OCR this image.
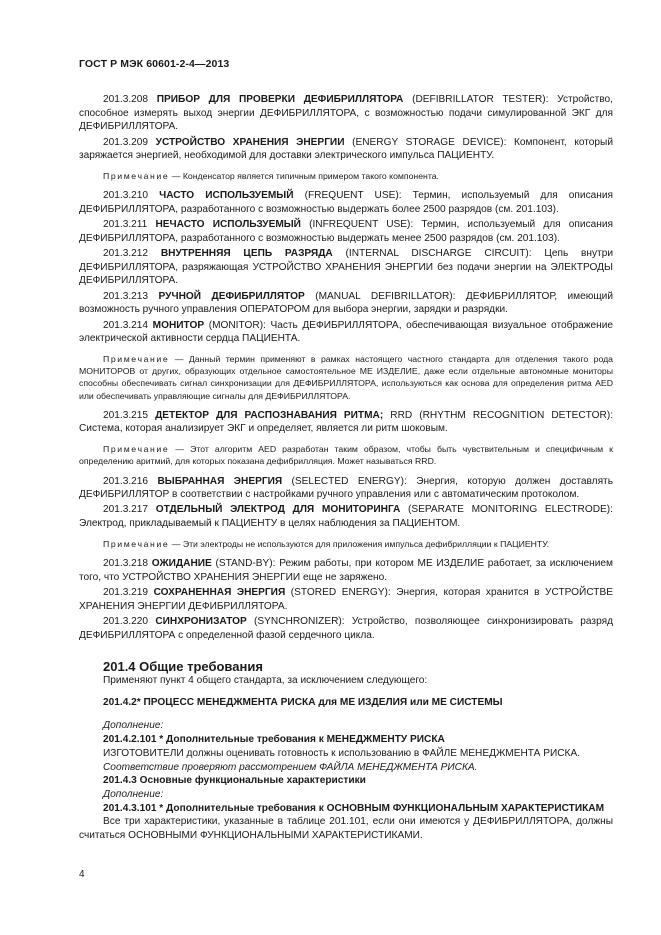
ГОСТ Р МЭК 60601-2-4—2013

201.3.208 ПРИБОР ДЛЯ ПРОВЕРКИ ДЕФИБРИЛЛЯТОРА (DEFIBRILLATOR TESTER): Устройство, способное измерять выход энергии ДЕФИБРИЛЛЯТОРА, с возможностью подачи симулированной ЭКГ для ДЕФИБРИЛЛЯТОРА.

201.3.209 УСТРОЙСТВО ХРАНЕНИЯ ЭНЕРГИИ (ENERGY STORAGE DEVICE): Компонент, который заряжается энергией, необходимой для доставки электрического импульса ПАЦИЕНТУ.

Примечание — Конденсатор является типичным примером такого компонента.

201.3.210 ЧАСТО ИСПОЛЬЗУЕМЫЙ (FREQUENT USE): Термин, используемый для описания ДЕФИБРИЛЛЯТОРА, разработанного с возможностью выдержать более 2500 разрядов (см. 201.103).

201.3.211 НЕЧАСТО ИСПОЛЬЗУЕМЫЙ (INFREQUENT USE): Термин, используемый для описания ДЕФИБРИЛЛЯТОРА, разработанного с возможностью выдержать менее 2500 разрядов (см. 201.103).

201.3.212 ВНУТРЕННЯЯ ЦЕПЬ РАЗРЯДА (INTERNAL DISCHARGE CIRCUIT): Цепь внутри ДЕФИБРИЛЛЯТОРА, разряжающая УСТРОЙСТВО ХРАНЕНИЯ ЭНЕРГИИ без подачи энергии на ЭЛЕКТРОДЫ ДЕФИБРИЛЛЯТОРА.

201.3.213 РУЧНОЙ ДЕФИБРИЛЛЯТОР (MANUAL DEFIBRILLATOR): ДЕФИБРИЛЛЯТОР, имеющий возможность ручного управления ОПЕРАТОРОМ для выбора энергии, зарядки и разрядки.

201.3.214 МОНИТОР (MONITOR): Часть ДЕФИБРИЛЛЯТОРА, обеспечивающая визуальное отображение электрической активности сердца ПАЦИЕНТА.

Примечание — Данный термин применяют в рамках настоящего частного стандарта для отделения такого рода МОНИТОРОВ от других, образующих отдельное самостоятельное МЕ ИЗДЕЛИЕ, даже если отдельные автономные мониторы способны обеспечивать сигнал синхронизации для ДЕФИБРИЛЛЯТОРА, используються как основа для определения ритма AED или обеспечивать управляющие сигналы для ДЕФИБРИЛЛЯТОРА.

201.3.215 ДЕТЕКТОР ДЛЯ РАСПОЗНАВАНИЯ РИТМА; RRD (RHYTHM RECOGNITION DETECTOR): Система, которая анализирует ЭКГ и определяет, является ли ритм шоковым.

Примечание — Этот алгоритм AED разработан таким образом, чтобы быть чувствительным и специфичным к определению аритмий, для которых показана дефибрилляция. Может называться RRD.

201.3.216 ВЫБРАННАЯ ЭНЕРГИЯ (SELECTED ENERGY): Энергия, которую должен доставлять ДЕФИБРИЛЛЯТОР в соответствии с настройками ручного управления или с автоматическим протоколом.

201.3.217 ОТДЕЛЬНЫЙ ЭЛЕКТРОД ДЛЯ МОНИТОРИНГА (SEPARATE MONITORING ELECTRODE): Электрод, прикладываемый к ПАЦИЕНТУ в целях наблюдения за ПАЦИЕНТОМ.

Примечание — Эти электроды не используются для приложения импульса дефибрилляции к ПАЦИЕНТУ.

201.3.218 ОЖИДАНИЕ (STAND-BY): Режим работы, при котором МЕ ИЗДЕЛИЕ работает, за исключением того, что УСТРОЙСТВО ХРАНЕНИЯ ЭНЕРГИИ еще не заряжено.

201.3.219 СОХРАНЕННАЯ ЭНЕРГИЯ (STORED ENERGY): Энергия, которая хранится в УСТРОЙСТВЕ ХРАНЕНИЯ ЭНЕРГИИ ДЕФИБРИЛЛЯТОРА.

201.3.220 СИНХРОНИЗАТОР (SYNCHRONIZER): Устройство, позволяющее синхронизировать разряд ДЕФИБРИЛЛЯТОРА с определенной фазой сердечного цикла.

201.4 Общие требования

Применяют пункт 4 общего стандарта, за исключением следующего:

201.4.2* ПРОЦЕСС МЕНЕДЖМЕНТА РИСКА для МЕ ИЗДЕЛИЯ или МЕ СИСТЕМЫ

Дополнение:

201.4.2.101 * Дополнительные требования к МЕНЕДЖМЕНТУ РИСКА

ИЗГОТОВИТЕЛИ должны оценивать готовность к использованию в ФАЙЛЕ МЕНЕДЖМЕНТА РИСКА.

Соответствие проверяют рассмотрением ФАЙЛА МЕНЕДЖМЕНТА РИСКА.

201.4.3 Основные функциональные характеристики

Дополнение:

201.4.3.101 * Дополнительные требования к ОСНОВНЫМ ФУНКЦИОНАЛЬНЫМ ХАРАКТЕРИСТИКАМ

Все три характеристики, указанные в таблице 201.101, если они имеются у ДЕФИБРИЛЛЯТОРА, должны считаться ОСНОВНЫМИ ФУНКЦИОНАЛЬНЫМИ ХАРАКТЕРИСТИКАМИ.

4
